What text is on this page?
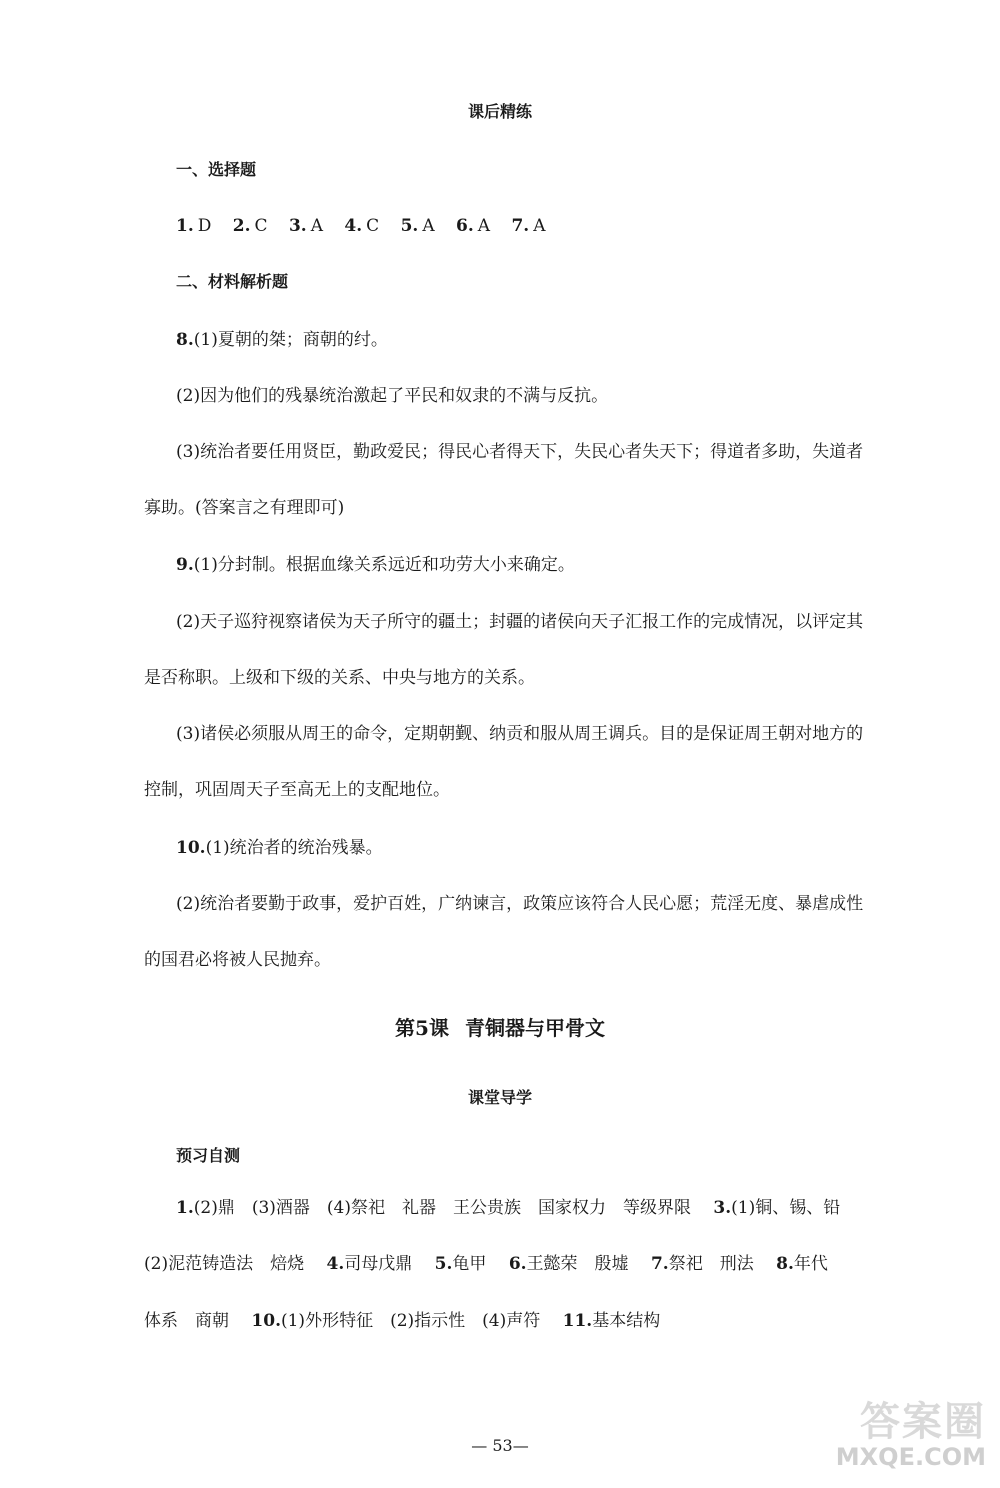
课后精练
一、选择题
1. D 2. C 3. A 4. C 5. A 6. A 7. A
二、材料解析题
8.(1)夏朝的桀；商朝的纣。
(2)因为他们的残暴统治激起了平民和奴隶的不满与反抗。
(3)统治者要任用贤臣，勤政爱民；得民心者得天下，失民心者失天下；得道者多助，失道者
寡助。(答案言之有理即可)
9.(1)分封制。根据血缘关系远近和功劳大小来确定。
(2)天子巡狩视察诸侯为天子所守的疆土；封疆的诸侯向天子汇报工作的完成情况，以评定其
是否称职。上级和下级的关系、中央与地方的关系。
(3)诸侯必须服从周王的命令，定期朝觐、纳贡和服从周王调兵。目的是保证周王朝对地方的
控制，巩固周天子至高无上的支配地位。
10.(1)统治者的统治残暴。
(2)统治者要勤于政事，爱护百姓，广纳谏言，政策应该符合人民心愿；荒淫无度、暴虐成性
的国君必将被人民抛弃。
第5课 青铜器与甲骨文
课堂导学
预习自测
1.(2)鼎　(3)酒器　(4)祭祀　礼器　王公贵族　国家权力　等级界限　 3.(1)铜、锡、铅
(2)泥范铸造法　焙烧　 4.司母戊鼎　 5.龟甲　 6.王懿荣　殷墟　 7.祭祀　刑法　 8.年代
体系　商朝　 10.(1)外形特征　(2)指示性　(4)声符　 11.基本结构
— 53—
答案圈
MXQE.COM
